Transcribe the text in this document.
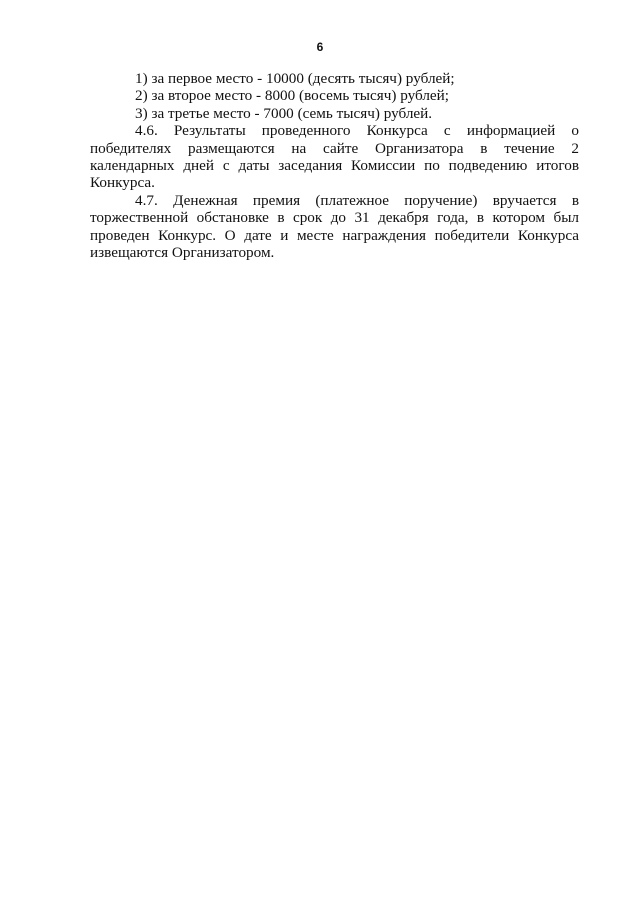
6
1) за первое место - 10000 (десять тысяч) рублей;
2) за второе место - 8000 (восемь тысяч) рублей;
3) за третье место - 7000 (семь тысяч) рублей.
4.6. Результаты проведенного Конкурса с информацией о
победителях размещаются на сайте Организатора в течение 2
календарных дней с даты заседания Комиссии по подведению итогов
Конкурса.
4.7. Денежная премия (платежное поручение) вручается в
торжественной обстановке в срок до 31 декабря года, в котором был
проведен Конкурс. О дате и месте награждения победители Конкурса
извещаются Организатором.
